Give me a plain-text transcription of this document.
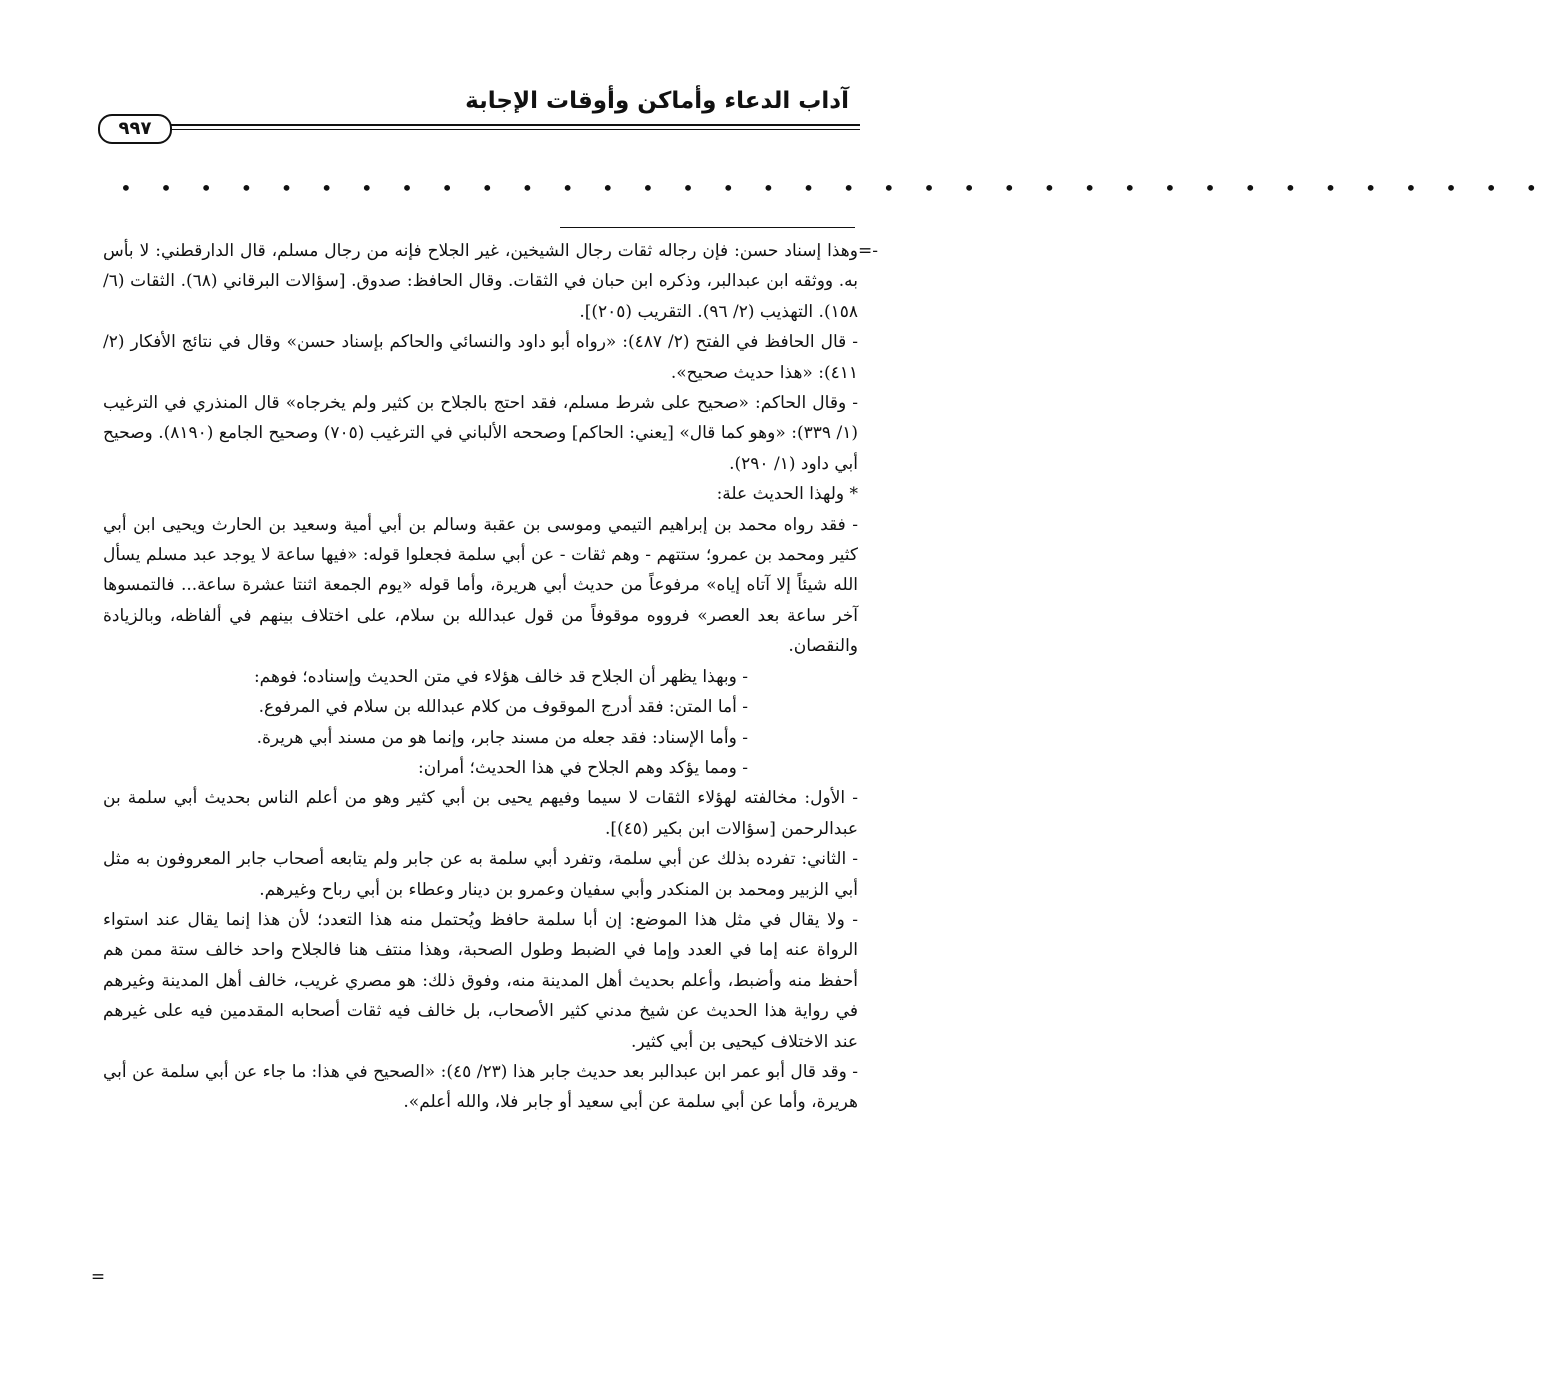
آداب الدعاء وأماكن وأوقات الإجابة
٩٩٧
• • • • • • • • • • • • • • • • • • • • • • • • • • • • • • • • • • • •
=-

وهذا إسناد حسن: فإن رجاله ثقات رجال الشيخين، غير الجلاح فإنه من رجال مسلم، قال الدارقطني: لا بأس به. ووثقه ابن عبدالبر، وذكره ابن حبان في الثقات. وقال الحافظ: صدوق. [سؤالات البرقاني (٦٨). الثقات (٦/ ١٥٨). التهذيب (٢/ ٩٦). التقريب (٢٠٥)].

- قال الحافظ في الفتح (٢/ ٤٨٧): «رواه أبو داود والنسائي والحاكم بإسناد حسن» وقال في نتائج الأفكار (٢/ ٤١١): «هذا حديث صحيح».

- وقال الحاكم: «صحيح على شرط مسلم، فقد احتج بالجلاح بن كثير ولم يخرجاه» قال المنذري في الترغيب (١/ ٣٣٩): «وهو كما قال» [يعني: الحاكم] وصححه الألباني في الترغيب (٧٠٥) وصحيح الجامع (٨١٩٠). وصحيح أبي داود (١/ ٢٩٠).

* ولهذا الحديث علة:

- فقد رواه محمد بن إبراهيم التيمي وموسى بن عقبة وسالم بن أبي أمية وسعيد بن الحارث ويحيى ابن أبي كثير ومحمد بن عمرو؛ ستتهم - وهم ثقات - عن أبي سلمة فجعلوا قوله: «فيها ساعة لا يوجد عبد مسلم يسأل الله شيئاً إلا آتاه إياه» مرفوعاً من حديث أبي هريرة، وأما قوله «يوم الجمعة اثنتا عشرة ساعة... فالتمسوها آخر ساعة بعد العصر» فرووه موقوفاً من قول عبدالله بن سلام، على اختلاف بينهم في ألفاظه، وبالزيادة والنقصان.

- وبهذا يظهر أن الجلاح قد خالف هؤلاء في متن الحديث وإسناده؛ فوهم:

- أما المتن: فقد أدرج الموقوف من كلام عبدالله بن سلام في المرفوع.

- وأما الإسناد: فقد جعله من مسند جابر، وإنما هو من مسند أبي هريرة.

- ومما يؤكد وهم الجلاح في هذا الحديث؛ أمران:

- الأول: مخالفته لهؤلاء الثقات لا سيما وفيهم يحيى بن أبي كثير وهو من أعلم الناس بحديث أبي سلمة بن عبدالرحمن [سؤالات ابن بكير (٤٥)].

- الثاني: تفرده بذلك عن أبي سلمة، وتفرد أبي سلمة به عن جابر ولم يتابعه أصحاب جابر المعروفون به مثل أبي الزبير ومحمد بن المنكدر وأبي سفيان وعمرو بن دينار وعطاء بن أبي رباح وغيرهم.

- ولا يقال في مثل هذا الموضع: إن أبا سلمة حافظ ويُحتمل منه هذا التعدد؛ لأن هذا إنما يقال عند استواء الرواة عنه إما في العدد وإما في الضبط وطول الصحبة، وهذا منتف هنا فالجلاح واحد خالف ستة ممن هم أحفظ منه وأضبط، وأعلم بحديث أهل المدينة منه، وفوق ذلك: هو مصري غريب، خالف أهل المدينة وغيرهم في رواية هذا الحديث عن شيخ مدني كثير الأصحاب، بل خالف فيه ثقات أصحابه المقدمين فيه على غيرهم عند الاختلاف كيحيى بن أبي كثير.

- وقد قال أبو عمر ابن عبدالبر بعد حديث جابر هذا (٢٣/ ٤٥): «الصحيح في هذا: ما جاء عن أبي سلمة عن أبي هريرة، وأما عن أبي سلمة عن أبي سعيد أو جابر فلا، والله أعلم».

=
